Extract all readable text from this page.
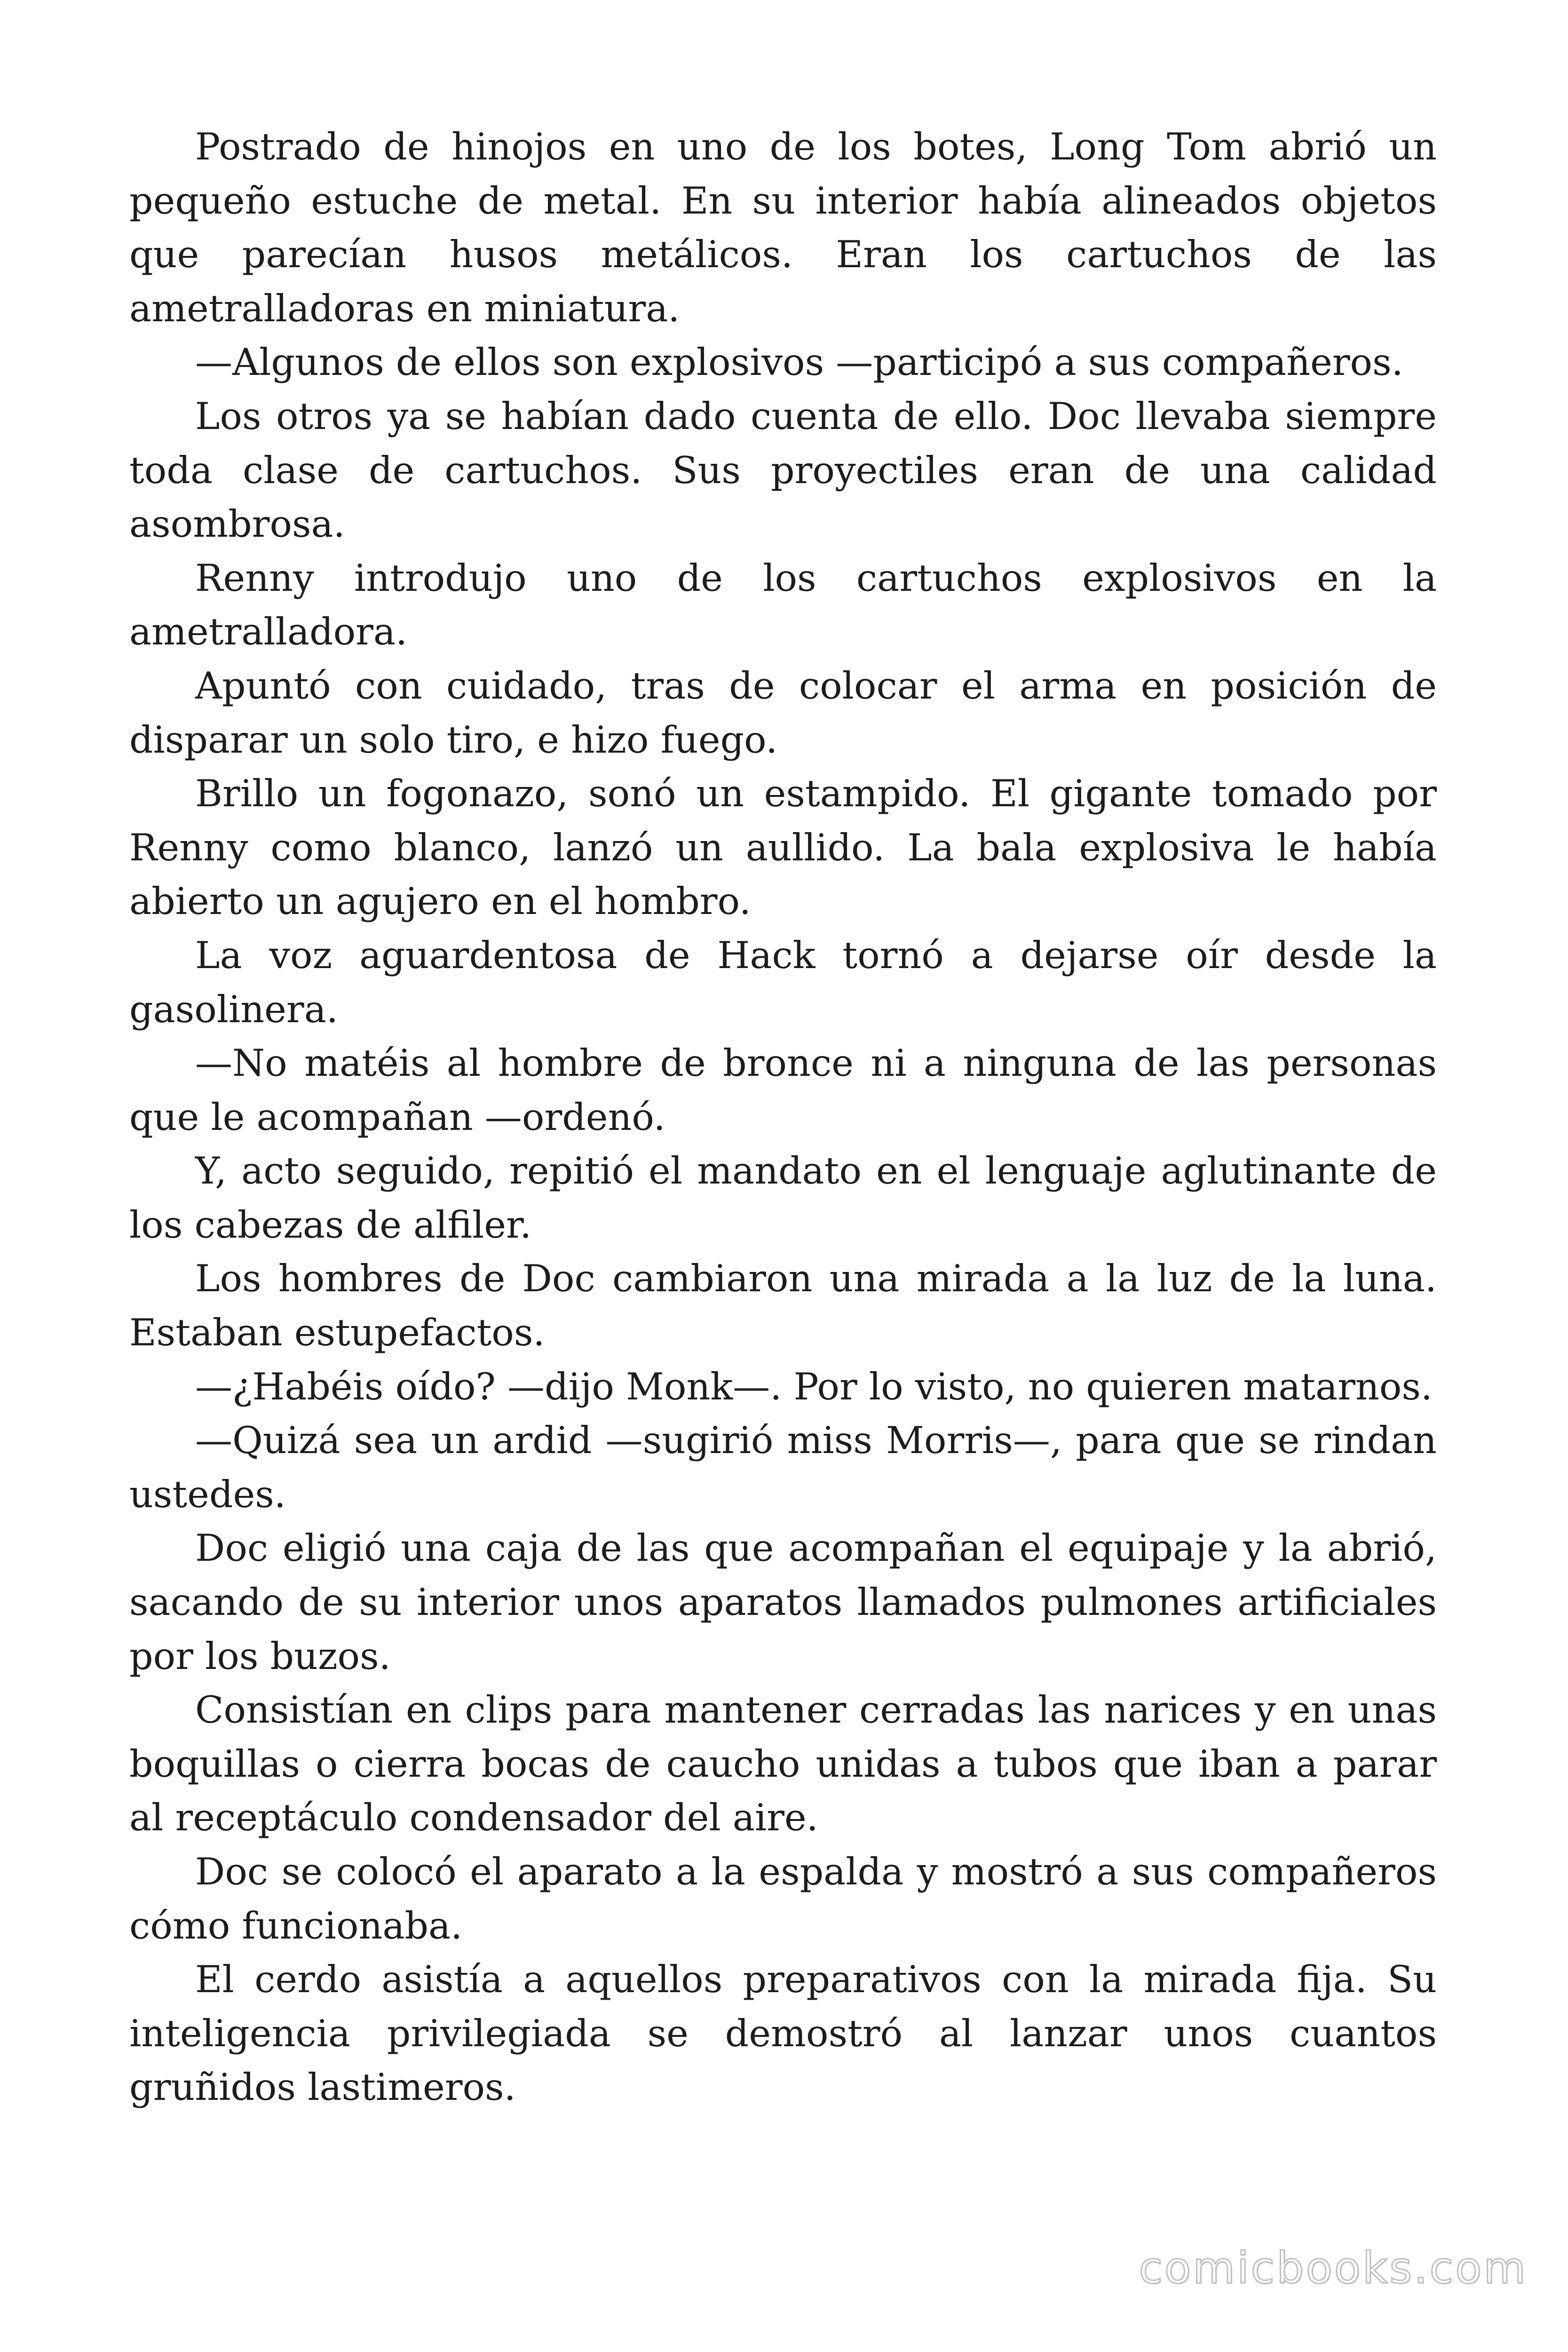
Postrado de hinojos en uno de los botes, Long Tom abrió un pequeño estuche de metal. En su interior había alineados objetos que parecían husos metálicos. Eran los cartuchos de las ametralladoras en miniatura.

—Algunos de ellos son explosivos —participó a sus compañeros.

Los otros ya se habían dado cuenta de ello. Doc llevaba siempre toda clase de cartuchos. Sus proyectiles eran de una calidad asombrosa.

Renny introdujo uno de los cartuchos explosivos en la ametralladora.

Apuntó con cuidado, tras de colocar el arma en posición de disparar un solo tiro, e hizo fuego.

Brillo un fogonazo, sonó un estampido. El gigante tomado por Renny como blanco, lanzó un aullido. La bala explosiva le había abierto un agujero en el hombro.

La voz aguardentosa de Hack tornó a dejarse oír desde la gasolinera.

—No matéis al hombre de bronce ni a ninguna de las personas que le acompañan —ordenó.

Y, acto seguido, repitió el mandato en el lenguaje aglutinante de los cabezas de alfiler.

Los hombres de Doc cambiaron una mirada a la luz de la luna. Estaban estupefactos.

—¿Habéis oído? —dijo Monk—. Por lo visto, no quieren matarnos.

—Quizá sea un ardid —sugirió miss Morris—, para que se rindan ustedes.

Doc eligió una caja de las que acompañan el equipaje y la abrió, sacando de su interior unos aparatos llamados pulmones artificiales por los buzos.

Consistían en clips para mantener cerradas las narices y en unas boquillas o cierra bocas de caucho unidas a tubos que iban a parar al receptáculo condensador del aire.

Doc se colocó el aparato a la espalda y mostró a sus compañeros cómo funcionaba.

El cerdo asistía a aquellos preparativos con la mirada fija. Su inteligencia privilegiada se demostró al lanzar unos cuantos gruñidos lastimeros.

comicbooks.com
